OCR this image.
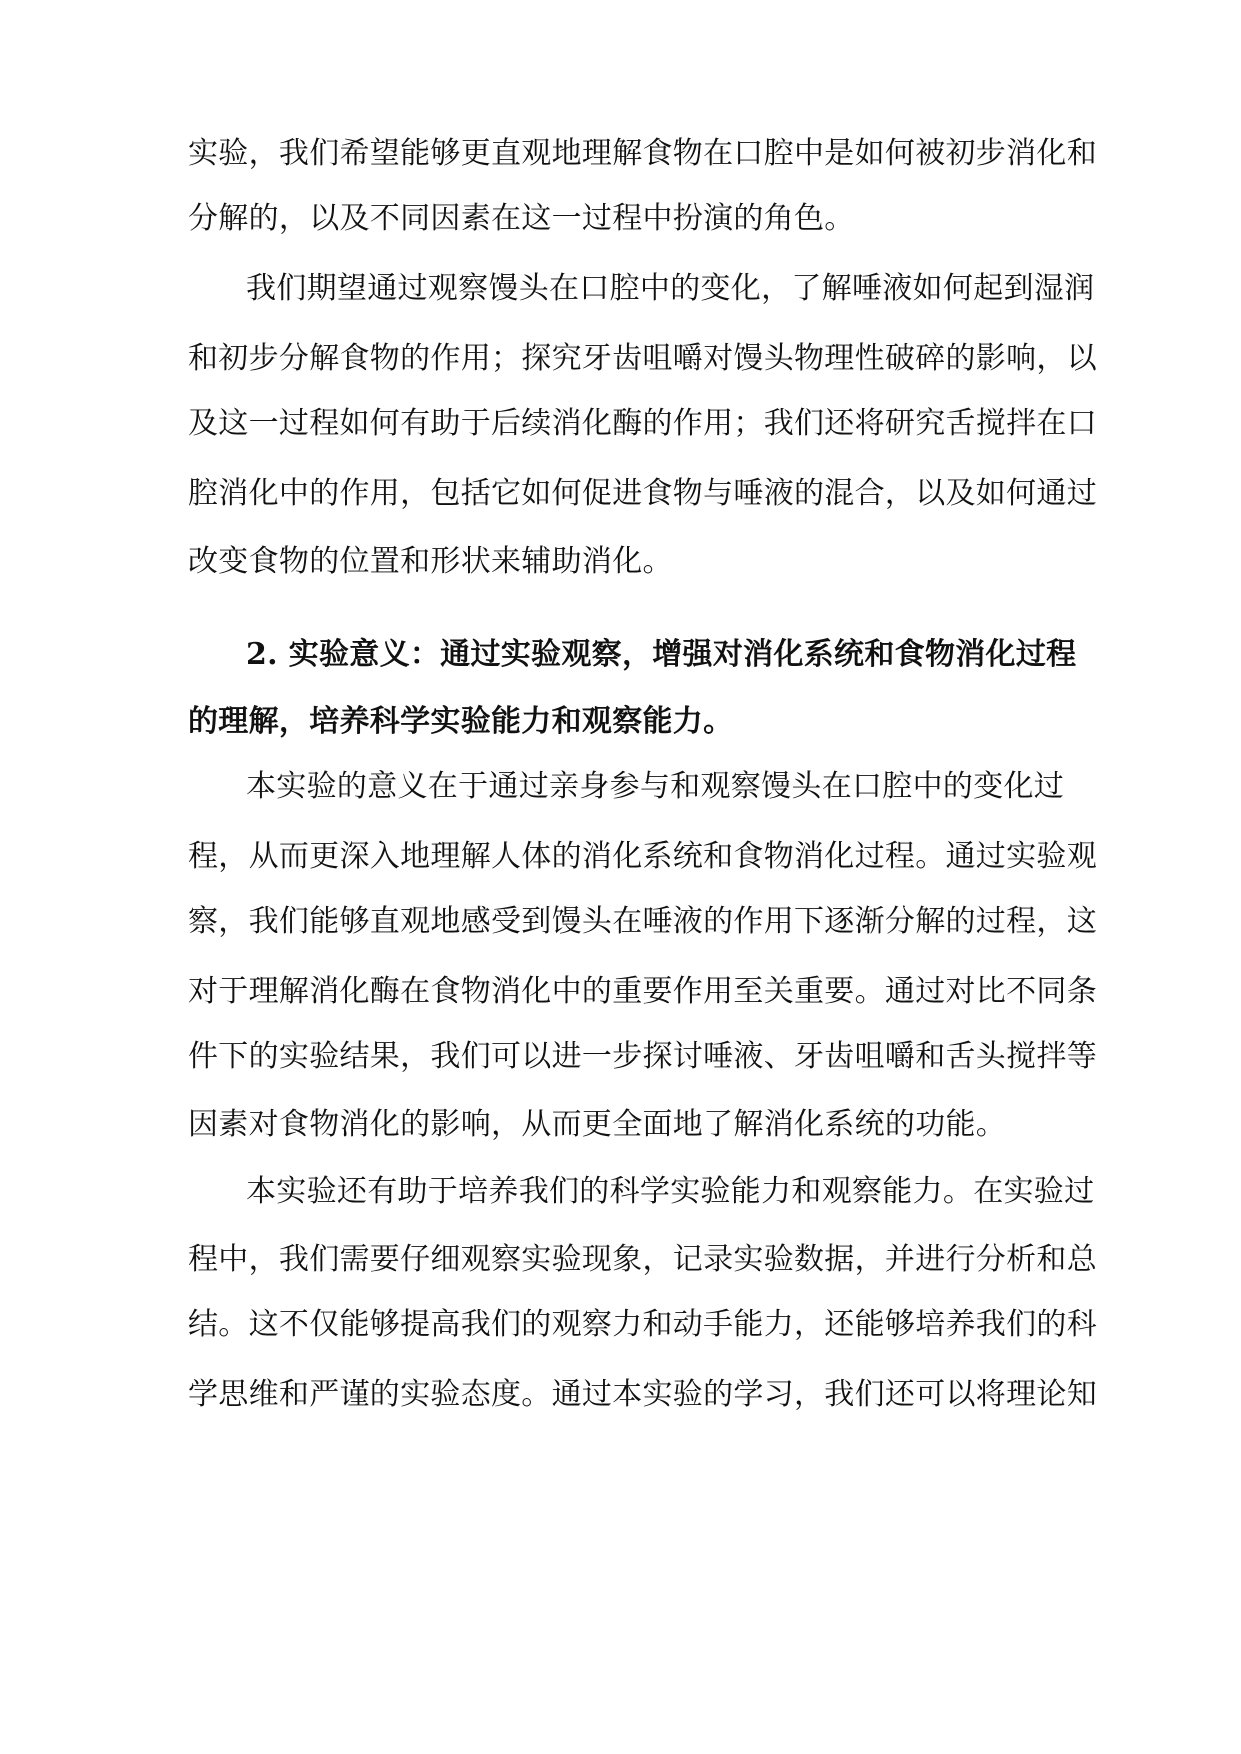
实验，我们希望能够更直观地理解食物在口腔中是如何被初步消化和
分解的，以及不同因素在这一过程中扮演的角色。
我们期望通过观察馒头在口腔中的变化，了解唾液如何起到湿润
和初步分解食物的作用；探究牙齿咀嚼对馒头物理性破碎的影响，以
及这一过程如何有助于后续消化酶的作用；我们还将研究舌搅拌在口
腔消化中的作用，包括它如何促进食物与唾液的混合，以及如何通过
改变食物的位置和形状来辅助消化。
2. 实验意义：通过实验观察，增强对消化系统和食物消化过程
的理解，培养科学实验能力和观察能力。
本实验的意义在于通过亲身参与和观察馒头在口腔中的变化过
程，从而更深入地理解人体的消化系统和食物消化过程。通过实验观
察，我们能够直观地感受到馒头在唾液的作用下逐渐分解的过程，这
对于理解消化酶在食物消化中的重要作用至关重要。通过对比不同条
件下的实验结果，我们可以进一步探讨唾液、牙齿咀嚼和舌头搅拌等
因素对食物消化的影响，从而更全面地了解消化系统的功能。
本实验还有助于培养我们的科学实验能力和观察能力。在实验过
程中，我们需要仔细观察实验现象，记录实验数据，并进行分析和总
结。这不仅能够提高我们的观察力和动手能力，还能够培养我们的科
学思维和严谨的实验态度。通过本实验的学习，我们还可以将理论知
